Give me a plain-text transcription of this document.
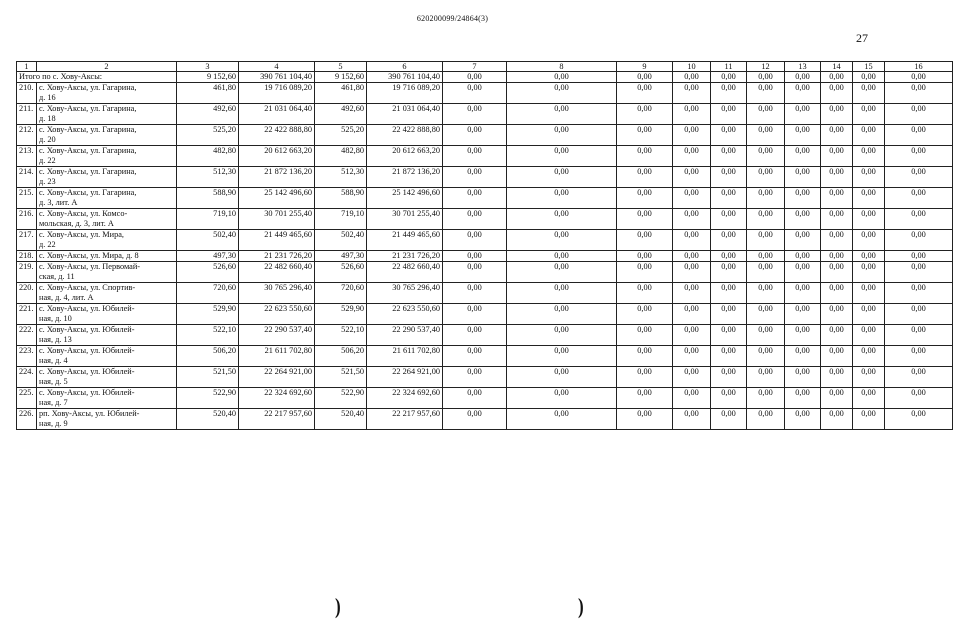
620200099/24864(3)
27
1	2	3	4	5	6	7	8	9	10	11	12	13	14	15	16
Итого по с. Хову-Аксы:		9 152,60	390 761 104,40	9 152,60	390 761 104,40	0,00	0,00	0,00	0,00	0,00	0,00	0,00	0,00	0,00	0,00
210.	с. Хову-Аксы, ул. Гагарина,
д. 16	461,80	19 716 089,20	461,80	19 716 089,20	0,00	0,00	0,00	0,00	0,00	0,00	0,00	0,00	0,00	0,00
211.	с. Хову-Аксы, ул. Гагарина,
д. 18	492,60	21 031 064,40	492,60	21 031 064,40	0,00	0,00	0,00	0,00	0,00	0,00	0,00	0,00	0,00	0,00
212.	с. Хову-Аксы, ул. Гагарина,
д. 20	525,20	22 422 888,80	525,20	22 422 888,80	0,00	0,00	0,00	0,00	0,00	0,00	0,00	0,00	0,00	0,00
213.	с. Хову-Аксы, ул. Гагарина,
д. 22	482,80	20 612 663,20	482,80	20 612 663,20	0,00	0,00	0,00	0,00	0,00	0,00	0,00	0,00	0,00	0,00
214.	с. Хову-Аксы, ул. Гагарина,
д. 23	512,30	21 872 136,20	512,30	21 872 136,20	0,00	0,00	0,00	0,00	0,00	0,00	0,00	0,00	0,00	0,00
215.	с. Хову-Аксы, ул. Гагарина,
д. 3, лит. А	588,90	25 142 496,60	588,90	25 142 496,60	0,00	0,00	0,00	0,00	0,00	0,00	0,00	0,00	0,00	0,00
216.	с. Хову-Аксы, ул. Комсо-
мольская, д. 3, лит. А	719,10	30 701 255,40	719,10	30 701 255,40	0,00	0,00	0,00	0,00	0,00	0,00	0,00	0,00	0,00	0,00
217.	с. Хову-Аксы, ул. Мира,
д. 22	502,40	21 449 465,60	502,40	21 449 465,60	0,00	0,00	0,00	0,00	0,00	0,00	0,00	0,00	0,00	0,00
218.	с. Хову-Аксы, ул. Мира, д. 8	497,30	21 231 726,20	497,30	21 231 726,20	0,00	0,00	0,00	0,00	0,00	0,00	0,00	0,00	0,00	0,00
219.	с. Хову-Аксы, ул. Первомай-
ская, д. 11	526,60	22 482 660,40	526,60	22 482 660,40	0,00	0,00	0,00	0,00	0,00	0,00	0,00	0,00	0,00	0,00
220.	с. Хову-Аксы, ул. Спортив-
ная, д. 4, лит. А	720,60	30 765 296,40	720,60	30 765 296,40	0,00	0,00	0,00	0,00	0,00	0,00	0,00	0,00	0,00	0,00
221.	с. Хову-Аксы, ул. Юбилей-
ная, д. 10	529,90	22 623 550,60	529,90	22 623 550,60	0,00	0,00	0,00	0,00	0,00	0,00	0,00	0,00	0,00	0,00
222.	с. Хову-Аксы, ул. Юбилей-
ная, д. 13	522,10	22 290 537,40	522,10	22 290 537,40	0,00	0,00	0,00	0,00	0,00	0,00	0,00	0,00	0,00	0,00
223.	с. Хову-Аксы, ул. Юбилей-
ная, д. 4	506,20	21 611 702,80	506,20	21 611 702,80	0,00	0,00	0,00	0,00	0,00	0,00	0,00	0,00	0,00	0,00
224.	с. Хову-Аксы, ул. Юбилей-
ная, д. 5	521,50	22 264 921,00	521,50	22 264 921,00	0,00	0,00	0,00	0,00	0,00	0,00	0,00	0,00	0,00	0,00
225.	с. Хову-Аксы, ул. Юбилей-
ная, д. 7	522,90	22 324 692,60	522,90	22 324 692,60	0,00	0,00	0,00	0,00	0,00	0,00	0,00	0,00	0,00	0,00
226.	рп. Хову-Аксы, ул. Юбилей-
ная, д. 9	520,40	22 217 957,60	520,40	22 217 957,60	0,00	0,00	0,00	0,00	0,00	0,00	0,00	0,00	0,00	0,00
)	)
